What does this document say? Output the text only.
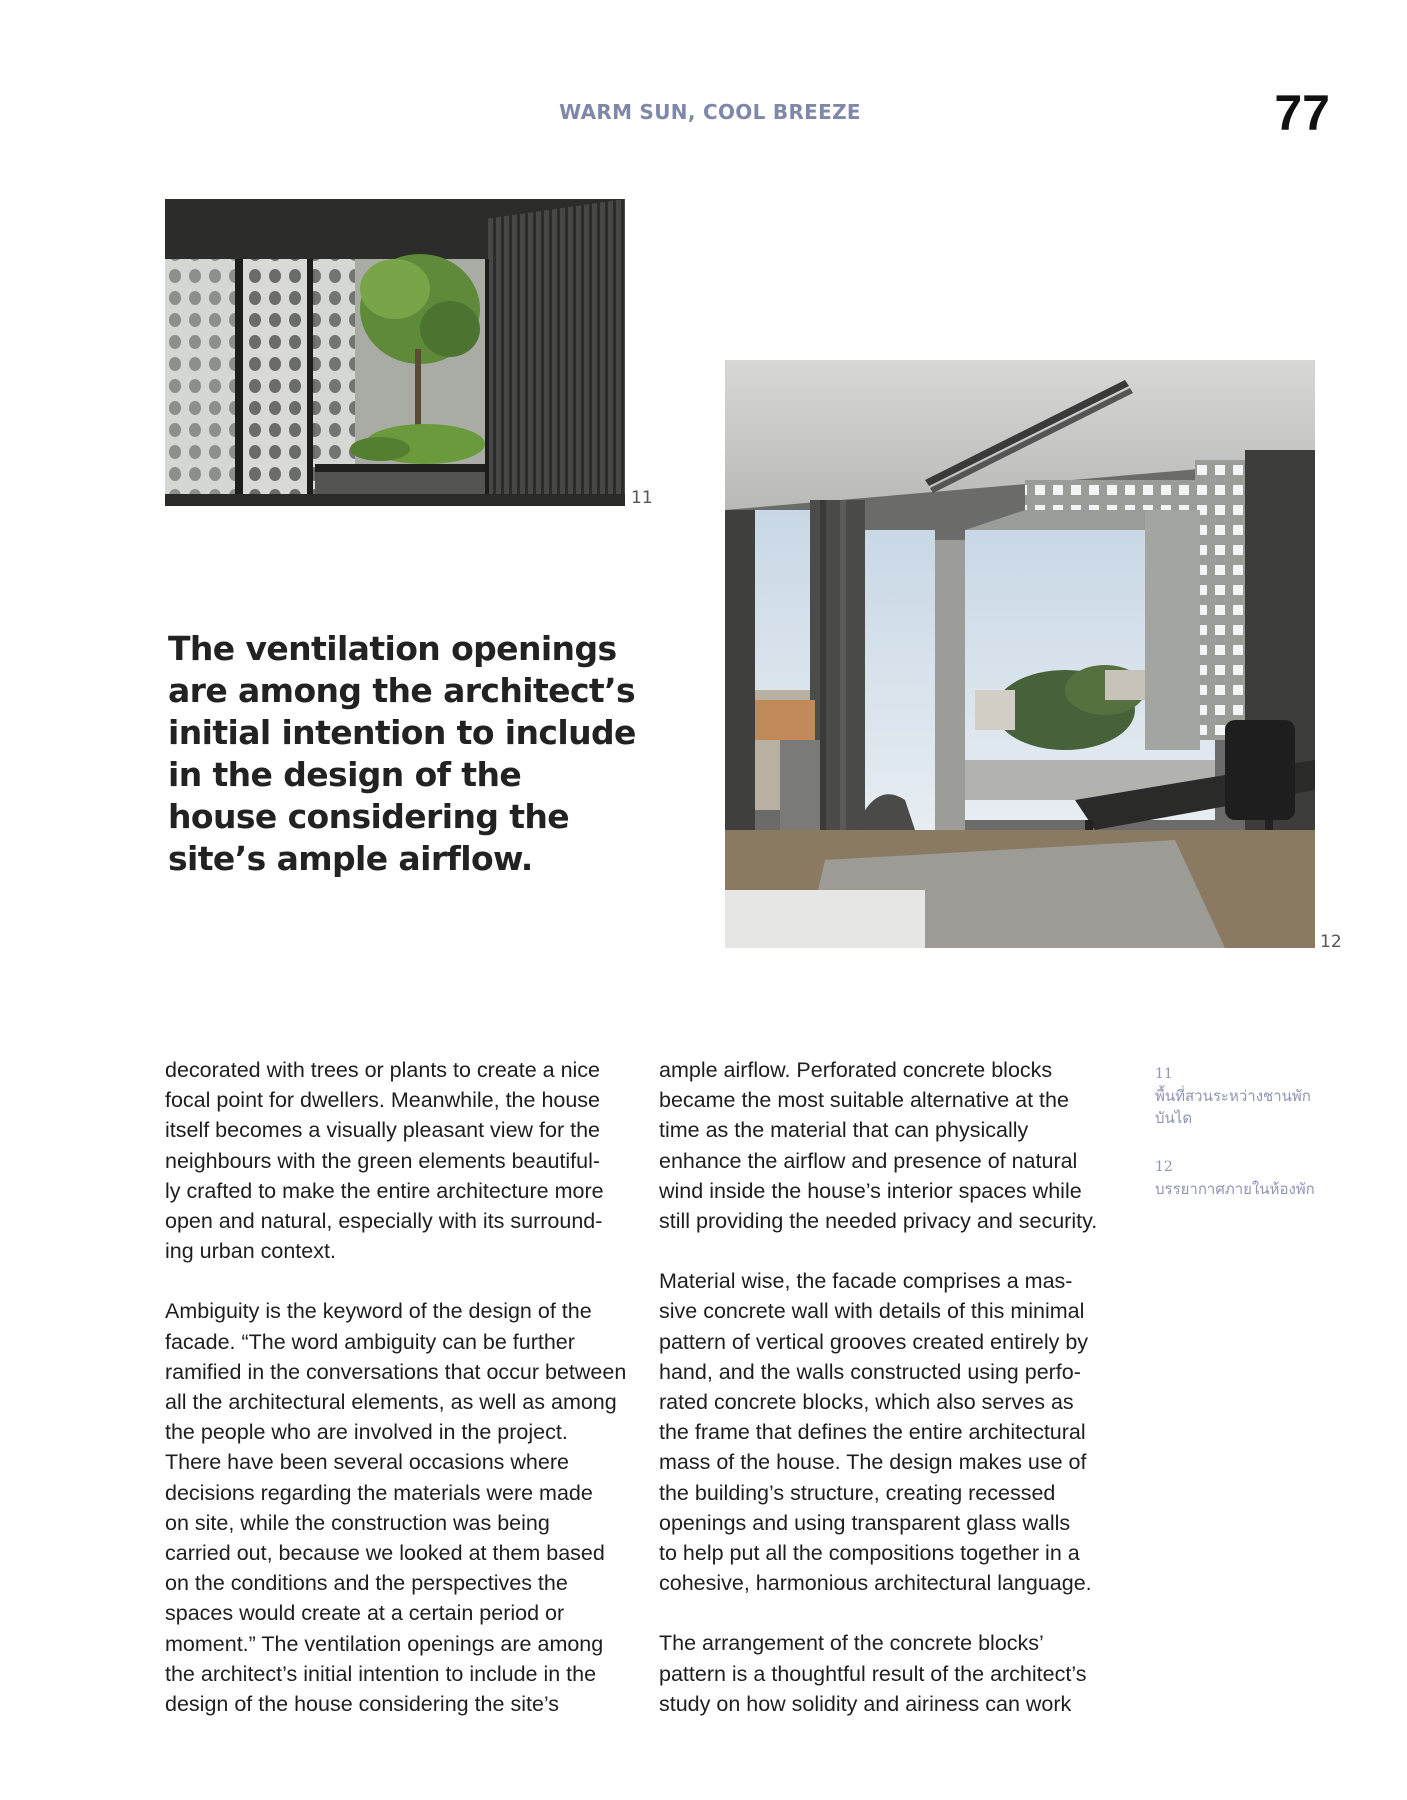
WARM SUN, COOL BREEZE	77
11
12
The ventilation openings are among the architect’s initial intention to include in the design of the house considering the site’s ample airflow.

decorated with trees or plants to create a nice
focal point for dwellers. Meanwhile, the house
itself becomes a visually pleasant view for the
neighbours with the green elements beautiful-
ly crafted to make the entire architecture more
open and natural, especially with its surround-
ing urban context.

Ambiguity is the keyword of the design of the
facade. “The word ambiguity can be further
ramified in the conversations that occur between
all the architectural elements, as well as among
the people who are involved in the project.
There have been several occasions where
decisions regarding the materials were made
on site, while the construction was being
carried out, because we looked at them based
on the conditions and the perspectives the
spaces would create at a certain period or
moment.” The ventilation openings are among
the architect’s initial intention to include in the
design of the house considering the site’s

ample airflow. Perforated concrete blocks
became the most suitable alternative at the
time as the material that can physically
enhance the airflow and presence of natural
wind inside the house’s interior spaces while
still providing the needed privacy and security.

Material wise, the facade comprises a mas-
sive concrete wall with details of this minimal
pattern of vertical grooves created entirely by
hand, and the walls constructed using perfo-
rated concrete blocks, which also serves as
the frame that defines the entire architectural
mass of the house. The design makes use of
the building’s structure, creating recessed
openings and using transparent glass walls
to help put all the compositions together in a
cohesive, harmonious architectural language.

The arrangement of the concrete blocks’
pattern is a thoughtful result of the architect’s
study on how solidity and airiness can work

11
พื้นที่สวนระหว่างชานพัก
บันได
12
บรรยากาศภายในห้องพัก
